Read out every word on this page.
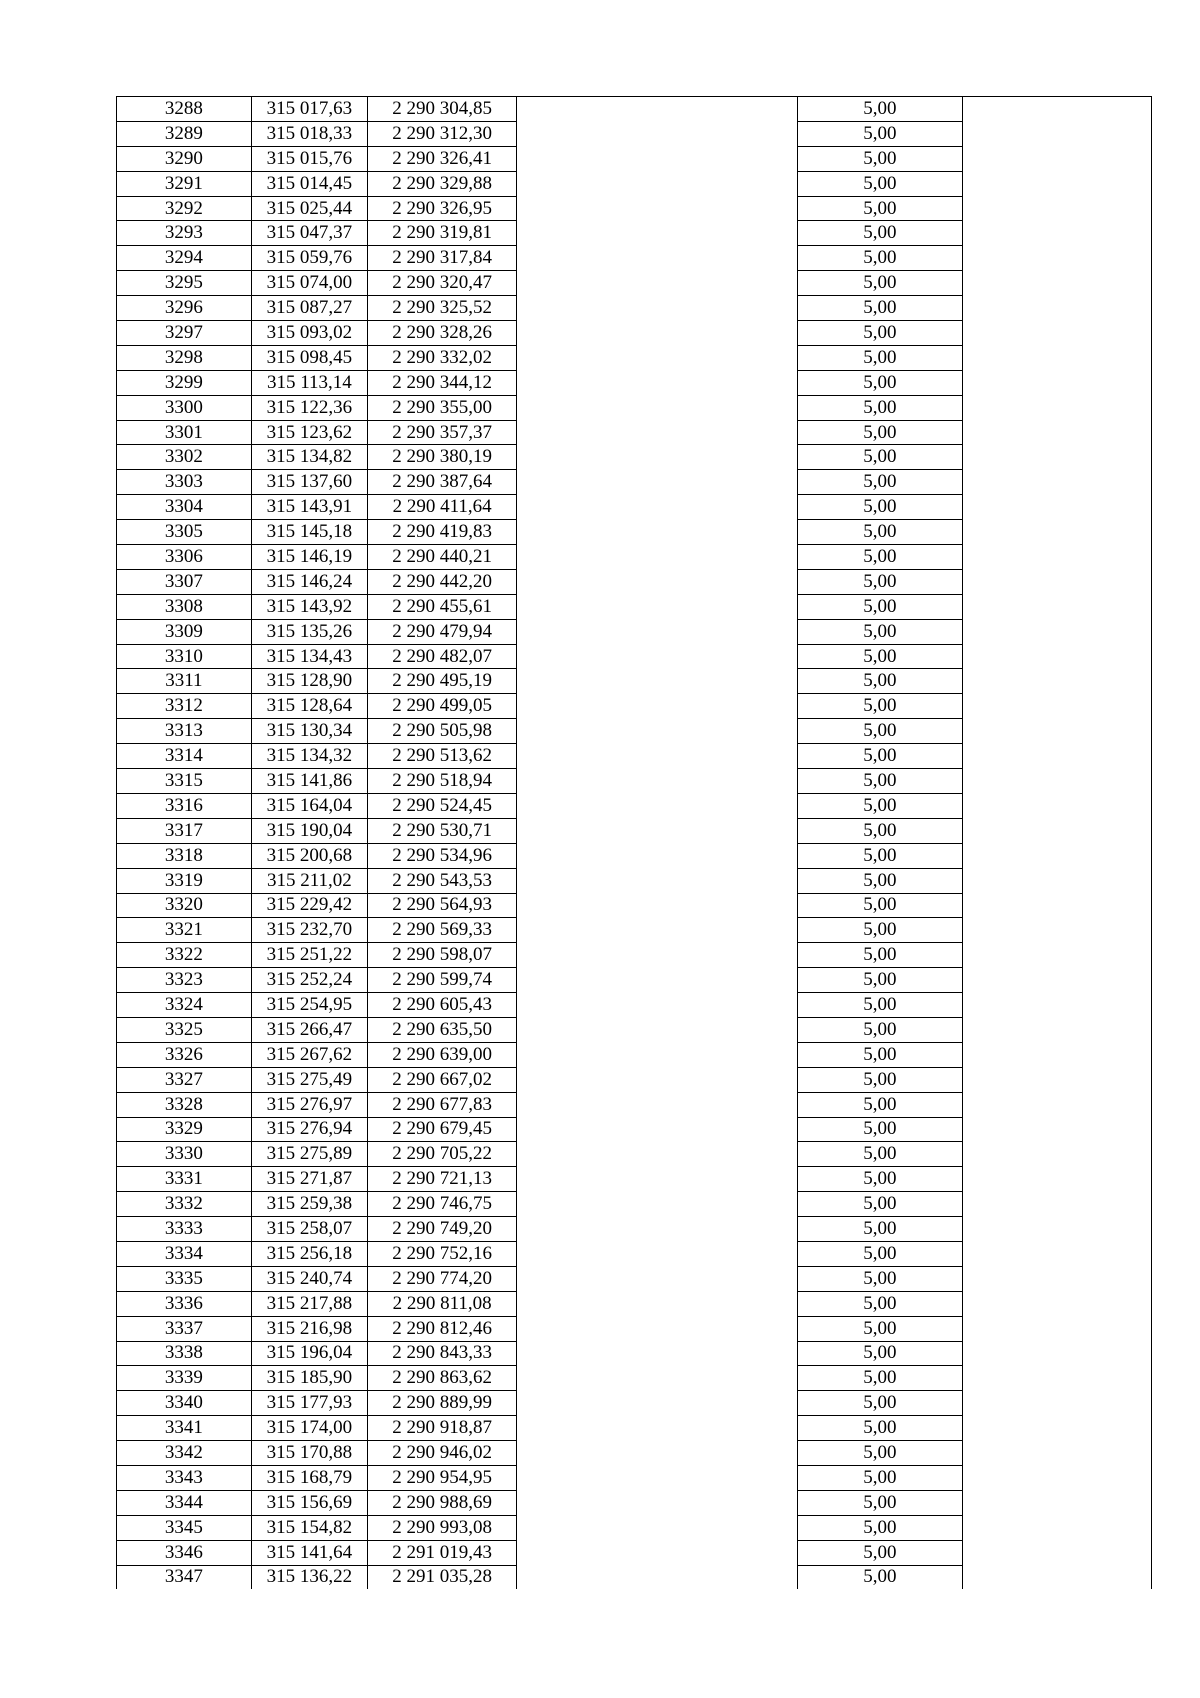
3288	315 017,63	2 290 304,85		5,00	
3289	315 018,33	2 290 312,30		5,00	
3290	315 015,76	2 290 326,41		5,00	
3291	315 014,45	2 290 329,88		5,00	
3292	315 025,44	2 290 326,95		5,00	
3293	315 047,37	2 290 319,81		5,00	
3294	315 059,76	2 290 317,84		5,00	
3295	315 074,00	2 290 320,47		5,00	
3296	315 087,27	2 290 325,52		5,00	
3297	315 093,02	2 290 328,26		5,00	
3298	315 098,45	2 290 332,02		5,00	
3299	315 113,14	2 290 344,12		5,00	
3300	315 122,36	2 290 355,00		5,00	
3301	315 123,62	2 290 357,37		5,00	
3302	315 134,82	2 290 380,19		5,00	
3303	315 137,60	2 290 387,64		5,00	
3304	315 143,91	2 290 411,64		5,00	
3305	315 145,18	2 290 419,83		5,00	
3306	315 146,19	2 290 440,21		5,00	
3307	315 146,24	2 290 442,20		5,00	
3308	315 143,92	2 290 455,61		5,00	
3309	315 135,26	2 290 479,94		5,00	
3310	315 134,43	2 290 482,07		5,00	
3311	315 128,90	2 290 495,19		5,00	
3312	315 128,64	2 290 499,05		5,00	
3313	315 130,34	2 290 505,98		5,00	
3314	315 134,32	2 290 513,62		5,00	
3315	315 141,86	2 290 518,94		5,00	
3316	315 164,04	2 290 524,45		5,00	
3317	315 190,04	2 290 530,71		5,00	
3318	315 200,68	2 290 534,96		5,00	
3319	315 211,02	2 290 543,53		5,00	
3320	315 229,42	2 290 564,93		5,00	
3321	315 232,70	2 290 569,33		5,00	
3322	315 251,22	2 290 598,07		5,00	
3323	315 252,24	2 290 599,74		5,00	
3324	315 254,95	2 290 605,43		5,00	
3325	315 266,47	2 290 635,50		5,00	
3326	315 267,62	2 290 639,00		5,00	
3327	315 275,49	2 290 667,02		5,00	
3328	315 276,97	2 290 677,83		5,00	
3329	315 276,94	2 290 679,45		5,00	
3330	315 275,89	2 290 705,22		5,00	
3331	315 271,87	2 290 721,13		5,00	
3332	315 259,38	2 290 746,75		5,00	
3333	315 258,07	2 290 749,20		5,00	
3334	315 256,18	2 290 752,16		5,00	
3335	315 240,74	2 290 774,20		5,00	
3336	315 217,88	2 290 811,08		5,00	
3337	315 216,98	2 290 812,46		5,00	
3338	315 196,04	2 290 843,33		5,00	
3339	315 185,90	2 290 863,62		5,00	
3340	315 177,93	2 290 889,99		5,00	
3341	315 174,00	2 290 918,87		5,00	
3342	315 170,88	2 290 946,02		5,00	
3343	315 168,79	2 290 954,95		5,00	
3344	315 156,69	2 290 988,69		5,00	
3345	315 154,82	2 290 993,08		5,00	
3346	315 141,64	2 291 019,43		5,00	
3347	315 136,22	2 291 035,28		5,00	
